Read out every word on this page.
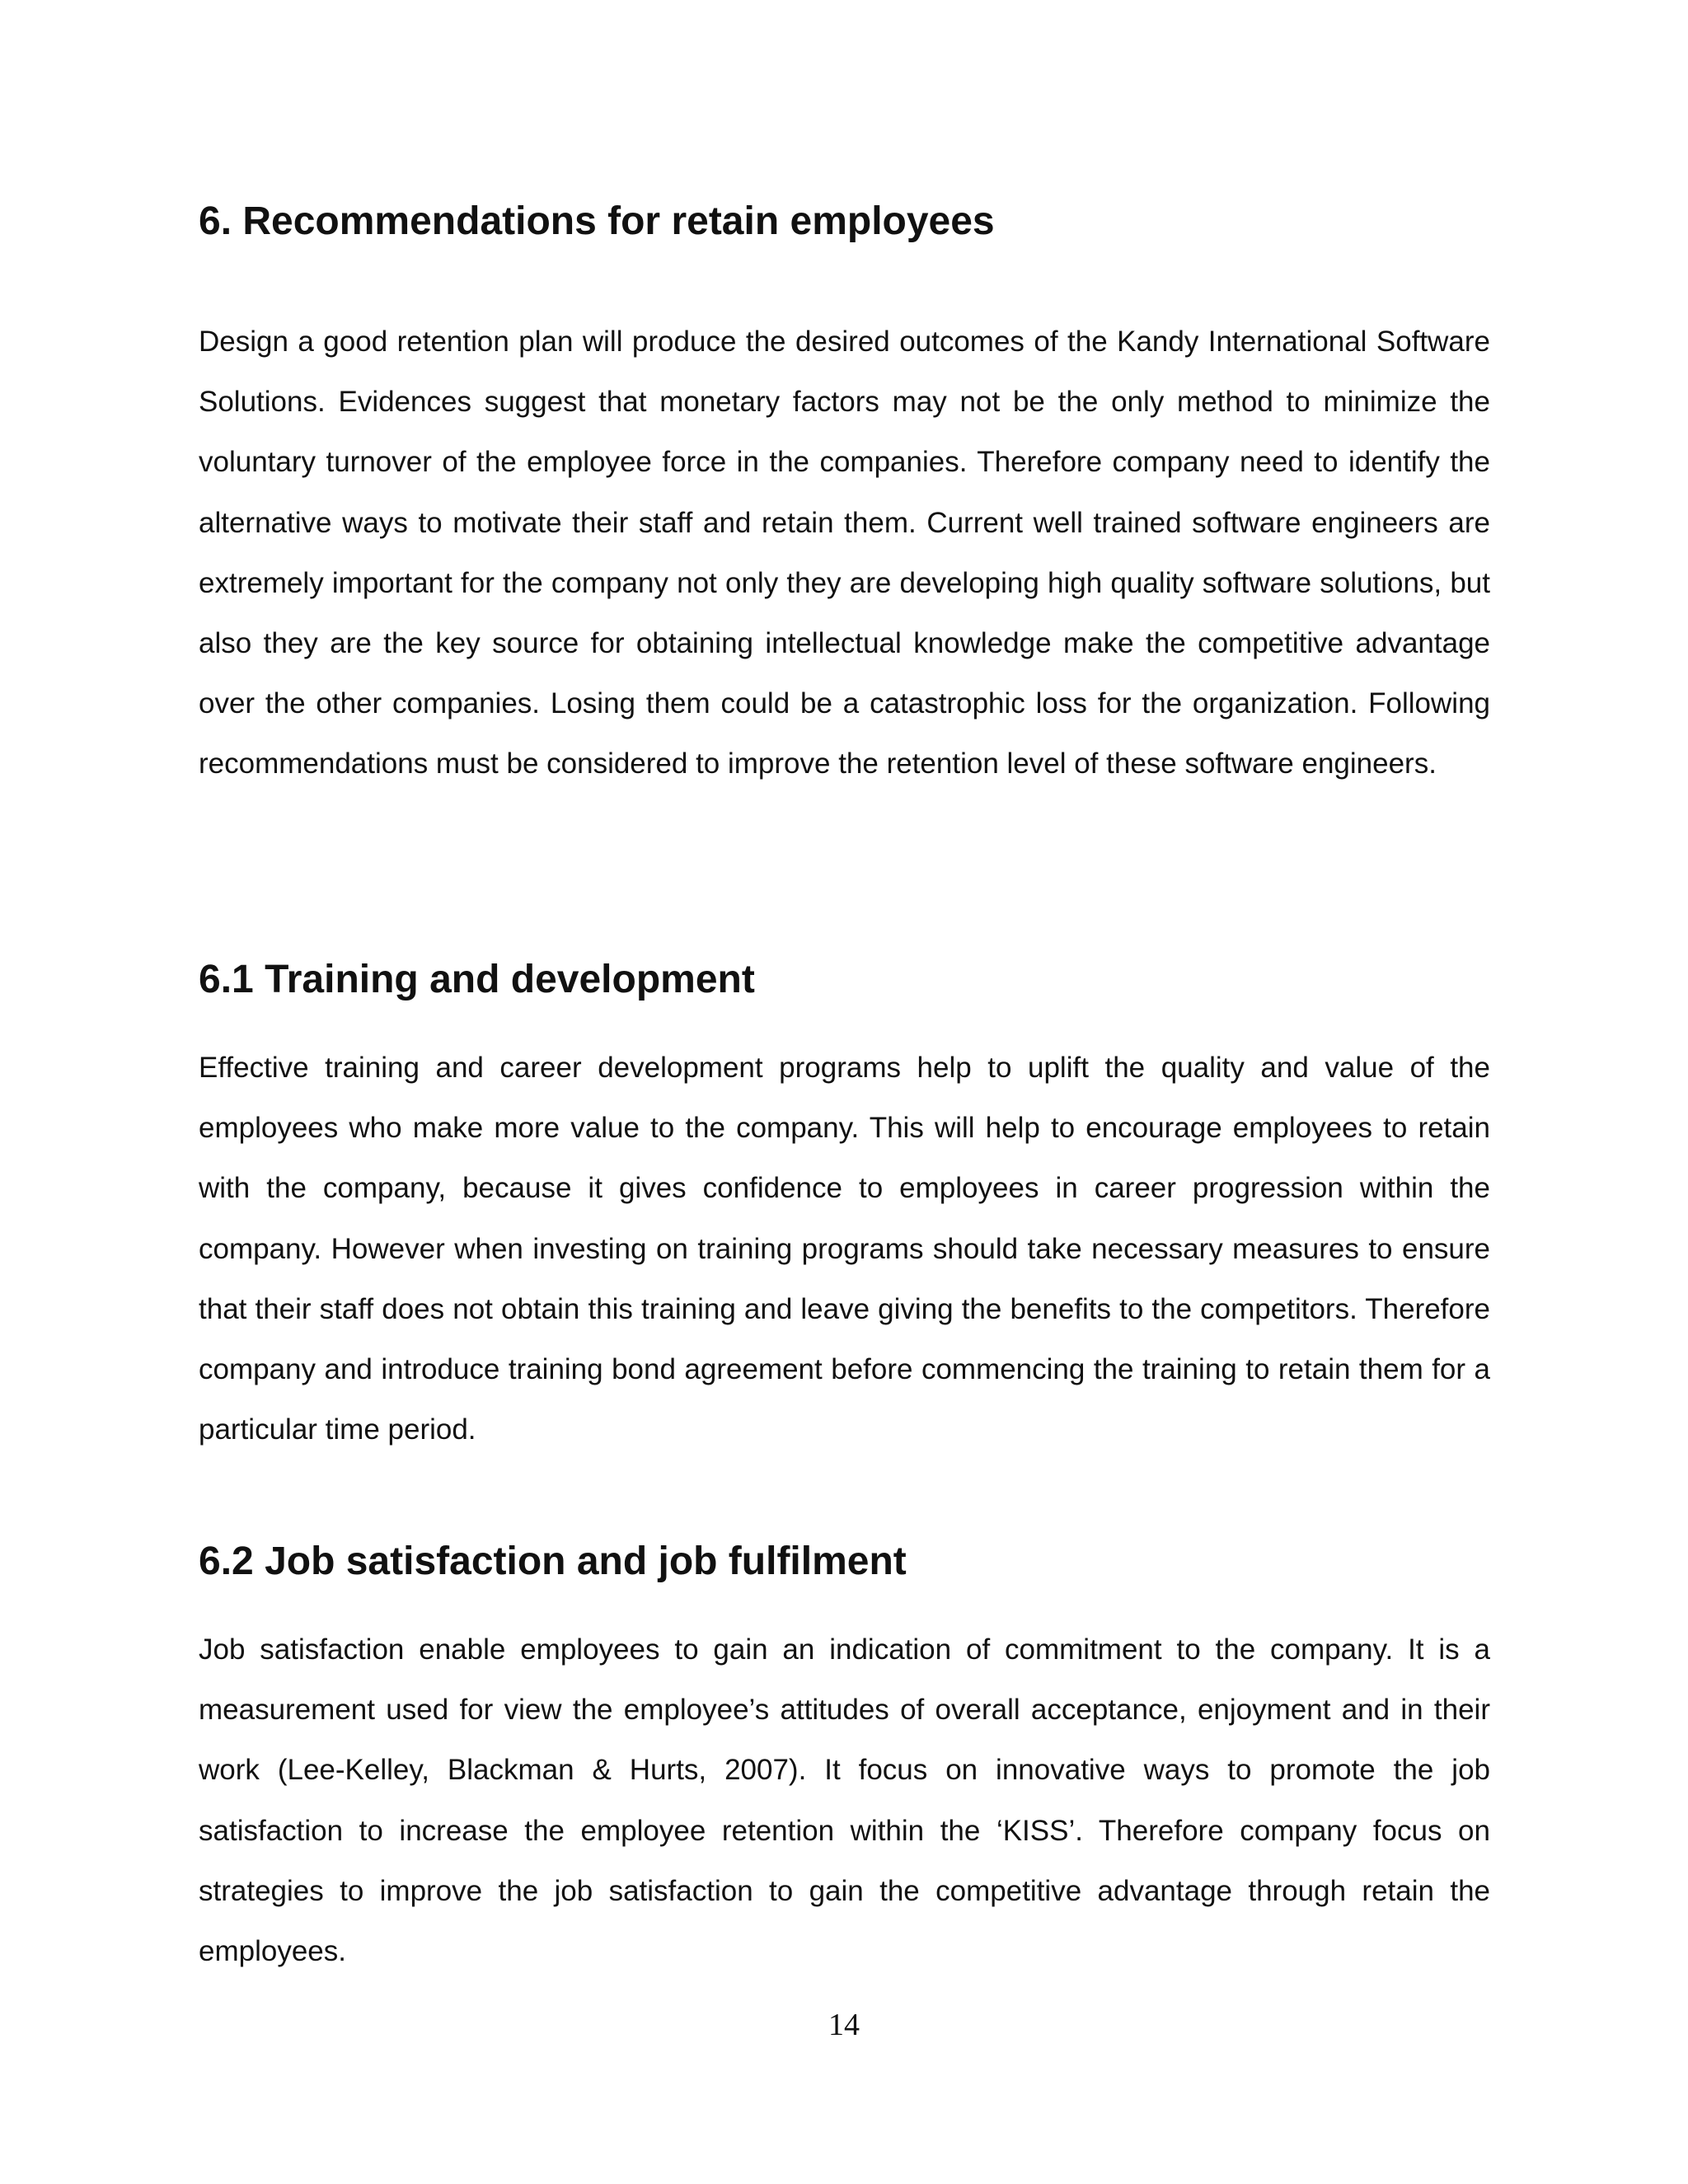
6. Recommendations for retain employees

Design a good retention plan will produce the desired outcomes of the Kandy International Software Solutions. Evidences suggest that monetary factors may not be the only method to minimize the voluntary turnover of the employee force in the companies. Therefore company need to identify the alternative ways to motivate their staff and retain them. Current well trained software engineers are extremely important for the company not only they are developing high quality software solutions, but also they are the key source for obtaining intellectual knowledge make the competitive advantage over the other companies. Losing them could be a catastrophic loss for the organization. Following recommendations must be considered to improve the retention level of these software engineers.

6.1 Training and development

Effective training and career development programs help to uplift the quality and value of the employees who make more value to the company. This will help to encourage employees to retain with the company, because it gives confidence to employees in career progression within the company. However when investing on training programs should take necessary measures to ensure that their staff does not obtain this training and leave giving the benefits to the competitors. Therefore company and introduce training bond agreement before commencing the training to retain them for a particular time period.

6.2 Job satisfaction and job fulfilment

Job satisfaction enable employees to gain an indication of commitment to the company. It is a measurement used for view the employee’s attitudes of overall acceptance, enjoyment and in their work (Lee-Kelley, Blackman & Hurts, 2007). It focus on innovative ways to promote the job satisfaction to increase the employee retention within the ‘KISS’. Therefore company focus on strategies to improve the job satisfaction to gain the competitive advantage through retain the employees.

14
